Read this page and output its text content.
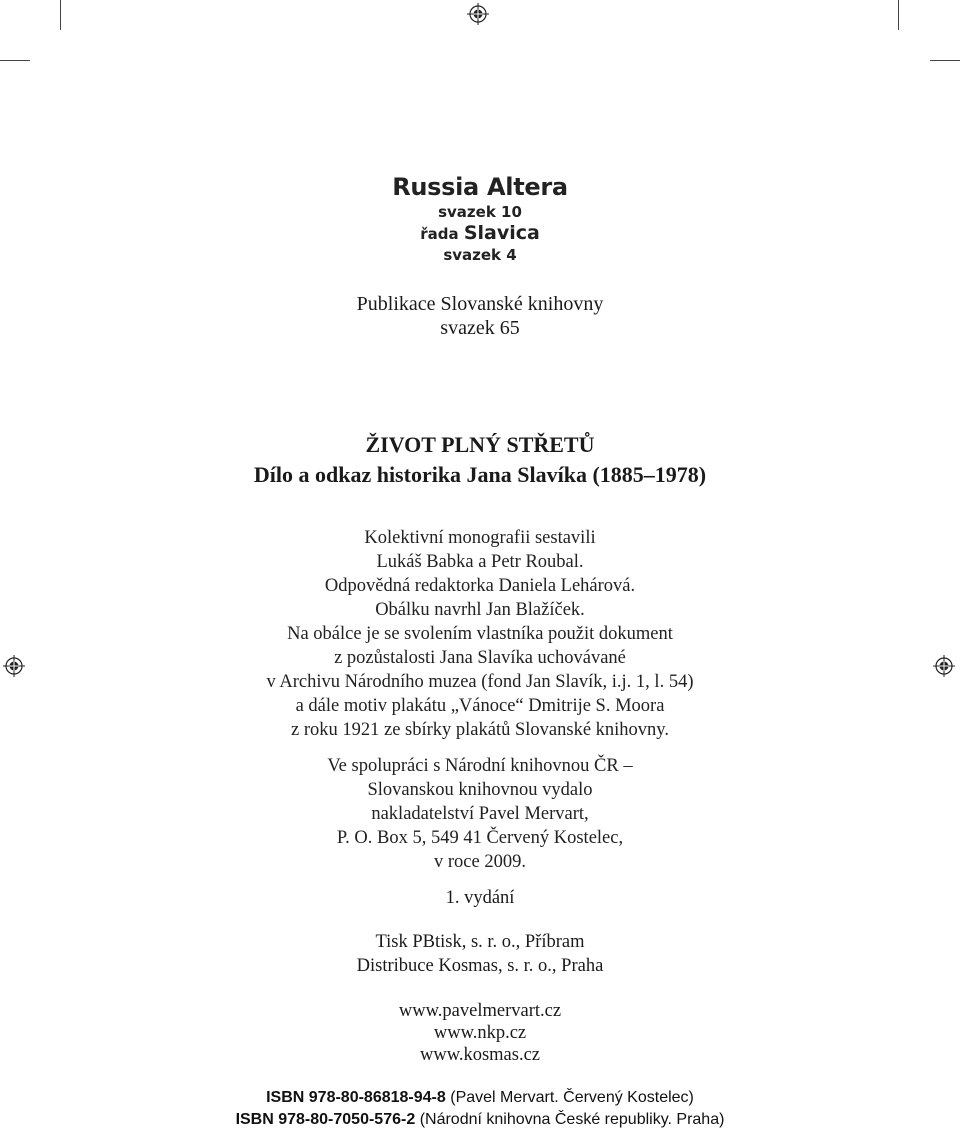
Russia Altera
svazek 10
řada Slavica
svazek 4
Publikace Slovanské knihovny
svazek 65
ŽIVOT PLNÝ STŘETŮ
Dílo a odkaz historika Jana Slavíka (1885–1978)
Kolektivní monografii sestavili
Lukáš Babka a Petr Roubal.
Odpovědná redaktorka Daniela Lehárová.
Obálku navrhl Jan Blažíček.
Na obálce je se svolením vlastníka použit dokument
z pozůstalosti Jana Slavíka uchovávané
v Archivu Národního muzea (fond Jan Slavík, i.j. 1, l. 54)
a dále motiv plakátu „Vánoce“ Dmitrije S. Moora
z roku 1921 ze sbírky plakátů Slovanské knihovny.
Ve spolupráci s Národní knihovnou ČR –
Slovanskou knihovnou vydalo
nakladatelství Pavel Mervart,
P. O. Box 5, 549 41 Červený Kostelec,
v roce 2009.
1. vydání
Tisk PBtisk, s. r. o., Příbram
Distribuce Kosmas, s. r. o., Praha
www.pavelmervart.cz
www.nkp.cz
www.kosmas.cz
ISBN 978-80-86818-94-8 (Pavel Mervart. Červený Kostelec)
ISBN 978-80-7050-576-2 (Národní knihovna České republiky. Praha)
